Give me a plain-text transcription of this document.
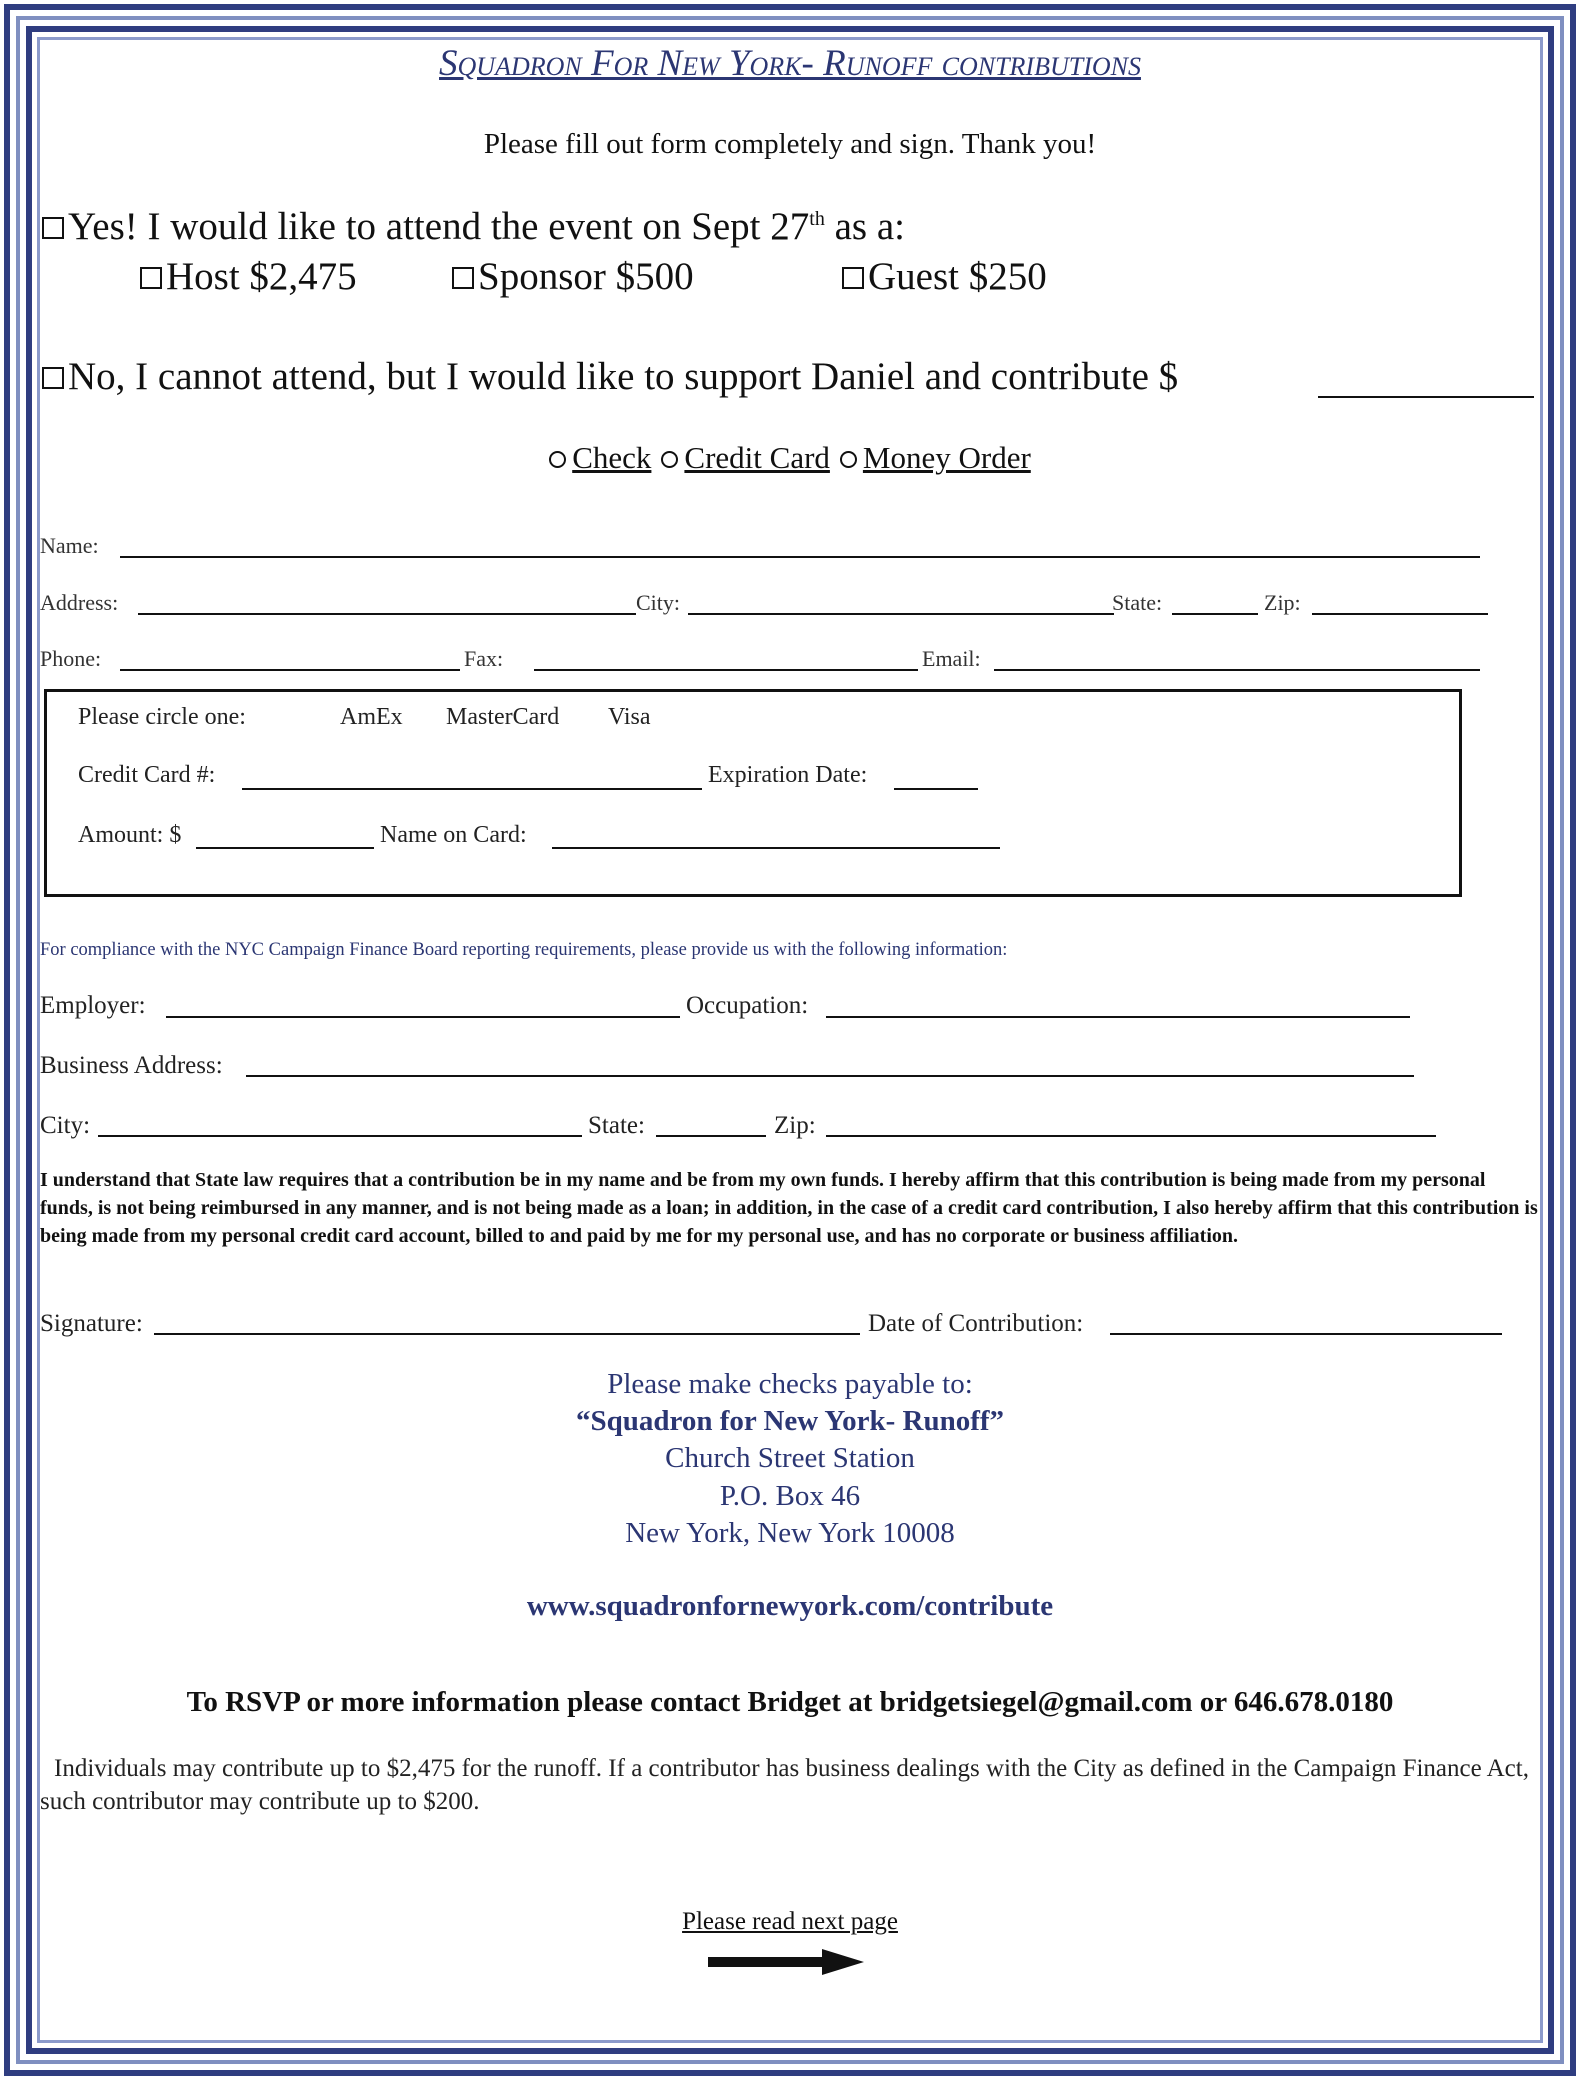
Squadron For New York- Runoff contributions
Please fill out form completely and sign. Thank you!
Yes! I would like to attend the event on Sept 27th as a:
Host $2,475	Sponsor $500	Guest $250
No, I cannot attend, but I would like to support Daniel and contribute $
Check Credit Card Money Order
Name:
Address:	City:	State:	Zip:
Phone:	Fax:	Email:
Please circle one:	AmEx MasterCard Visa
Credit Card #:	Expiration Date:
Amount: $	Name on Card:
For compliance with the NYC Campaign Finance Board reporting requirements, please provide us with the following information:
Employer:	Occupation:
Business Address:
City:	State:	Zip:
I understand that State law requires that a contribution be in my name and be from my own funds. I hereby affirm that this contribution is being made from my personal funds, is not being reimbursed in any manner, and is not being made as a loan; in addition, in the case of a credit card contribution, I also hereby affirm that this contribution is being made from my personal credit card account, billed to and paid by me for my personal use, and has no corporate or business affiliation.
Signature:	Date of Contribution:
Please make checks payable to:
“Squadron for New York- Runoff”
Church Street Station
P.O. Box 46
New York, New York 10008
www.squadronfornewyork.com/contribute
To RSVP or more information please contact Bridget at bridgetsiegel@gmail.com or 646.678.0180
Individuals may contribute up to $2,475 for the runoff. If a contributor has business dealings with the City as defined in the Campaign Finance Act, such contributor may contribute up to $200.
Please read next page
